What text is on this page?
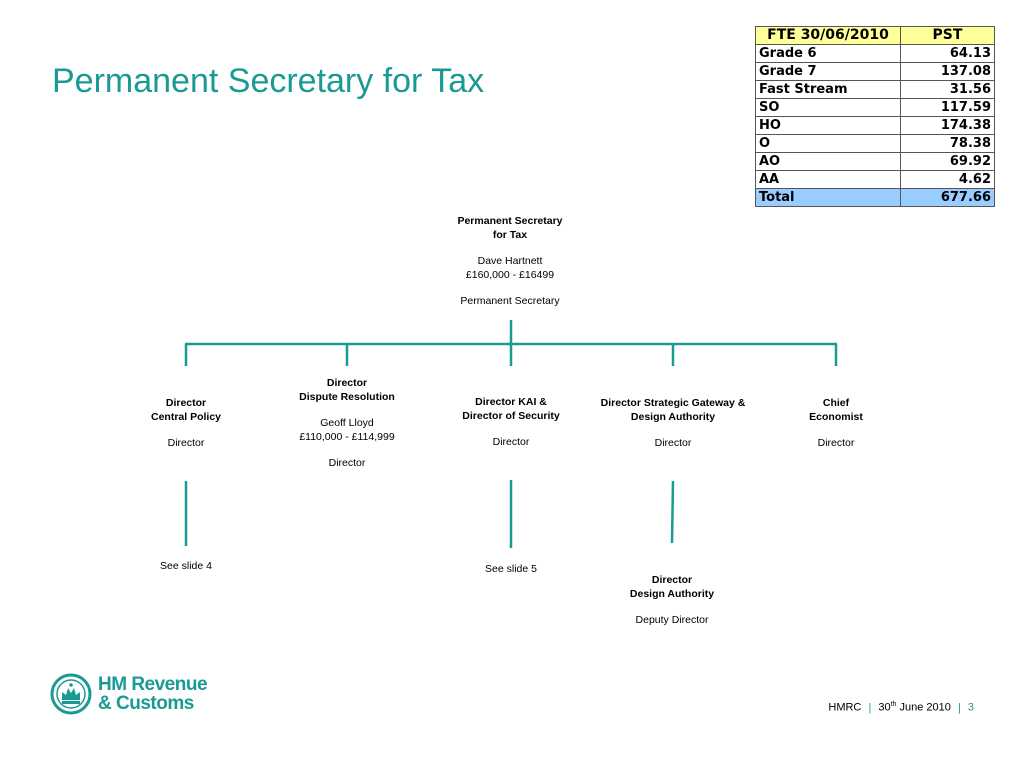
Permanent Secretary for Tax
FTE 30/06/2010	PST
Grade 6	64.13
Grade 7	137.08
Fast Stream	31.56
SO	117.59
HO	174.38
O	78.38
AO	69.92
AA	4.62
Total	677.66
Permanent Secretary
for Tax
Dave Hartnett
£160,000 - £16499
Permanent Secretary
Director
Central Policy
Director
See slide 4
Director
Dispute Resolution
Geoff Lloyd
£110,000 - £114,999
Director
Director KAI &
Director of Security
Director
See slide 5
Director Strategic Gateway &
Design Authority
Director
Chief
Economist
Director
Director
Design Authority
Deputy Director
HM Revenue
& Customs	HMRC | 30th June 2010 | 3
